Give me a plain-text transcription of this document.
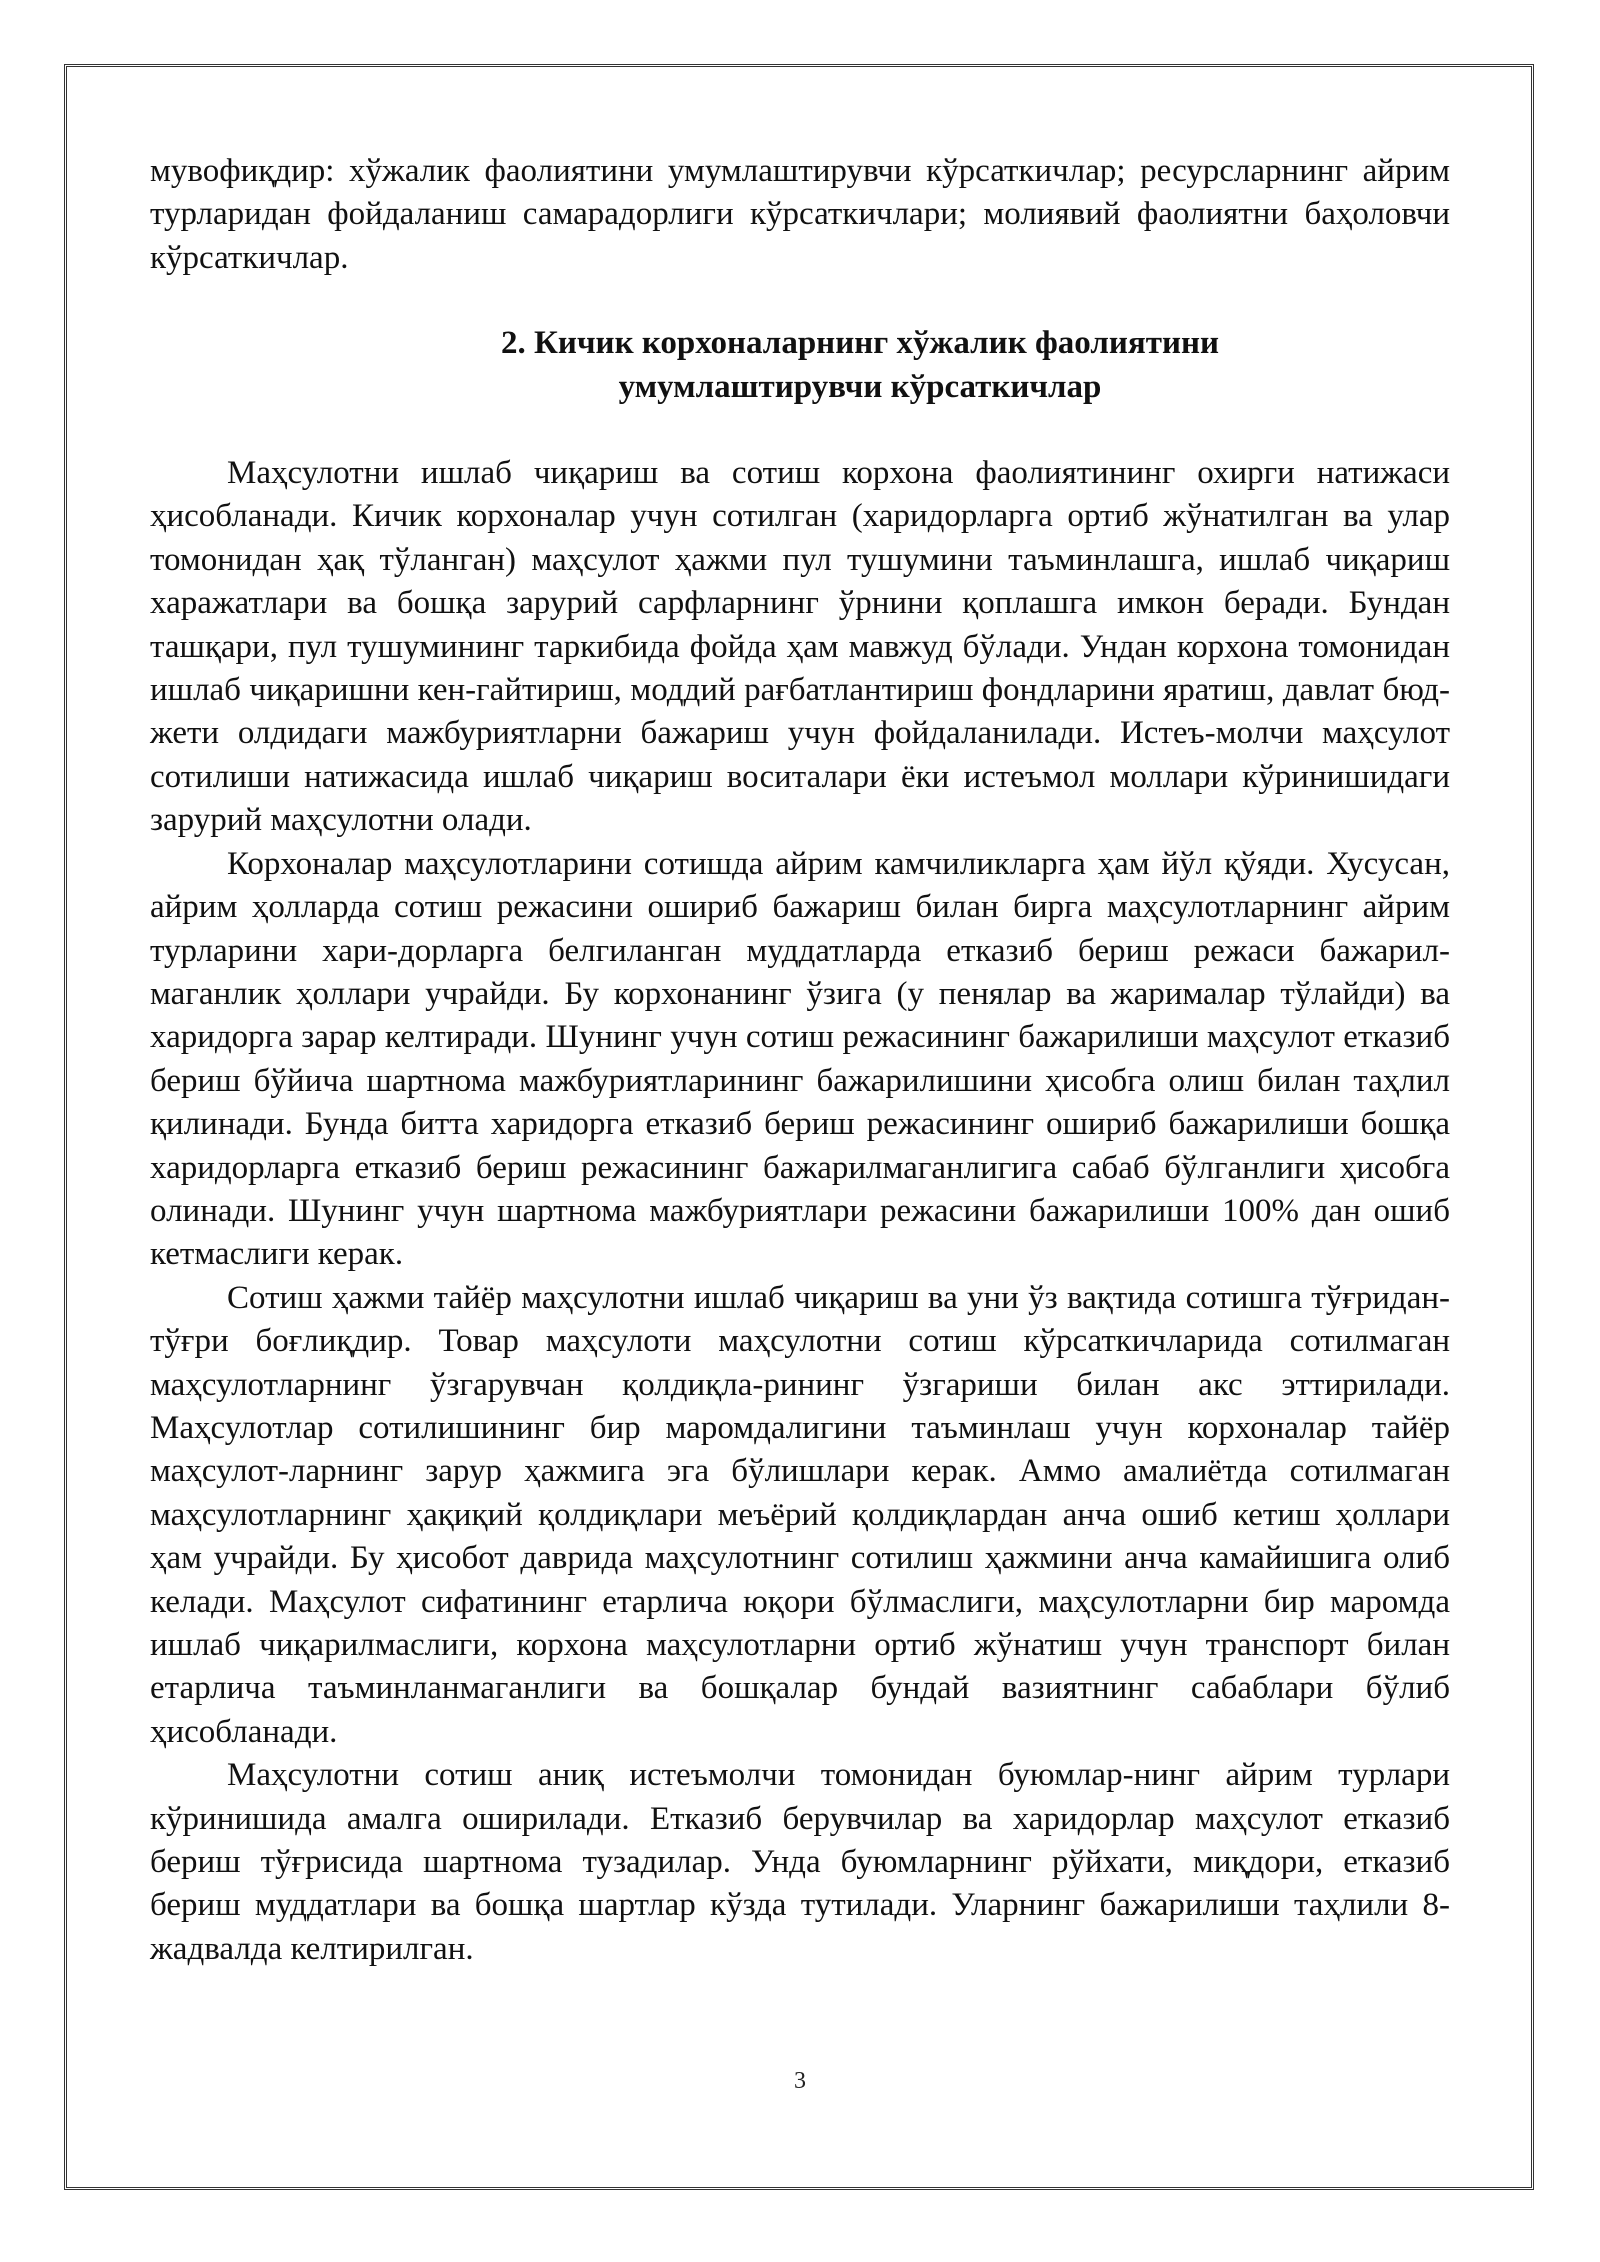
мувофиқдир: хўжалик фаолиятини умумлаштирувчи кўрсаткичлар; ресурсларнинг айрим турларидан фойдаланиш самарадорлиги кўрсаткичлари; молиявий фаолиятни баҳоловчи кўрсаткичлар.

2. Кичик корхоналарнинг хўжалик фаолиятини
умумлаштирувчи кўрсаткичлар

Маҳсулотни ишлаб чиқариш ва сотиш корхона фаолиятининг охирги натижаси ҳисобланади. Кичик корхоналар учун сотилган (харидорларга ортиб жўнатилган ва улар томонидан ҳақ тўланган) маҳсулот ҳажми пул тушумини таъминлашга, ишлаб чиқариш харажатлари ва бошқа зарурий сарфларнинг ўрнини қоплашга имкон беради. Бундан ташқари, пул тушумининг таркибида фойда ҳам мавжуд бўлади. Ундан корхона томонидан ишлаб чиқаришни кен-гайтириш, моддий рағбатлантириш фондларини яратиш, давлат бюд-жети олдидаги мажбуриятларни бажариш учун фойдаланилади. Истеъ-молчи маҳсулот сотилиши натижасида ишлаб чиқариш воситалари ёки истеъмол моллари кўринишидаги зарурий маҳсулотни олади.

Корхоналар маҳсулотларини сотишда айрим камчиликларга ҳам йўл қўяди. Хусусан, айрим ҳолларда сотиш режасини ошириб бажариш билан бирга маҳсулотларнинг айрим турларини хари-дорларга белгиланган муддатларда етказиб бериш режаси бажарил-маганлик ҳоллари учрайди. Бу корхонанинг ўзига (у пенялар ва жарималар тўлайди) ва харидорга зарар келтиради. Шунинг учун сотиш режасининг бажарилиши маҳсулот етказиб бериш бўйича шартнома мажбуриятларининг бажарилишини ҳисобга олиш билан таҳлил қилинади. Бунда битта харидорга етказиб бериш режасининг ошириб бажарилиши бошқа харидорларга етказиб бериш режасининг бажарилмаганлигига сабаб бўлганлиги ҳисобга олинади. Шунинг учун шартнома мажбуриятлари режасини бажарилиши 100% дан ошиб кетмаслиги керак.

Сотиш ҳажми тайёр маҳсулотни ишлаб чиқариш ва уни ўз вақтида сотишга тўғридан-тўғри боғлиқдир. Товар маҳсулоти маҳсулотни сотиш кўрсаткичларида сотилмаган маҳсулотларнинг ўзгарувчан қолдиқла-рининг ўзгариши билан акс эттирилади. Маҳсулотлар сотилишининг бир маромдалигини таъминлаш учун корхоналар тайёр маҳсулот-ларнинг зарур ҳажмига эга бўлишлари керак. Аммо амалиётда сотилмаган маҳсулотларнинг ҳақиқий қолдиқлари меъёрий қолдиқлардан анча ошиб кетиш ҳоллари ҳам учрайди. Бу ҳисобот даврида маҳсулотнинг сотилиш ҳажмини анча камайишига олиб келади. Маҳсулот сифатининг етарлича юқори бўлмаслиги, маҳсулотларни бир маромда ишлаб чиқарилмаслиги, корхона маҳсулотларни ортиб жўнатиш учун транспорт билан етарлича таъминланмаганлиги ва бошқалар бундай вазиятнинг сабаблари бўлиб ҳисобланади.

Маҳсулотни сотиш аниқ истеъмолчи томонидан буюмлар-нинг айрим турлари кўринишида амалга оширилади. Етказиб берувчилар ва харидорлар маҳсулот етказиб бериш тўғрисида шартнома тузадилар. Унда буюмларнинг рўйхати, миқдори, етказиб бериш муддатлари ва бошқа шартлар кўзда тутилади. Уларнинг бажарилиши таҳлили 8-жадвалда келтирилган.

3
